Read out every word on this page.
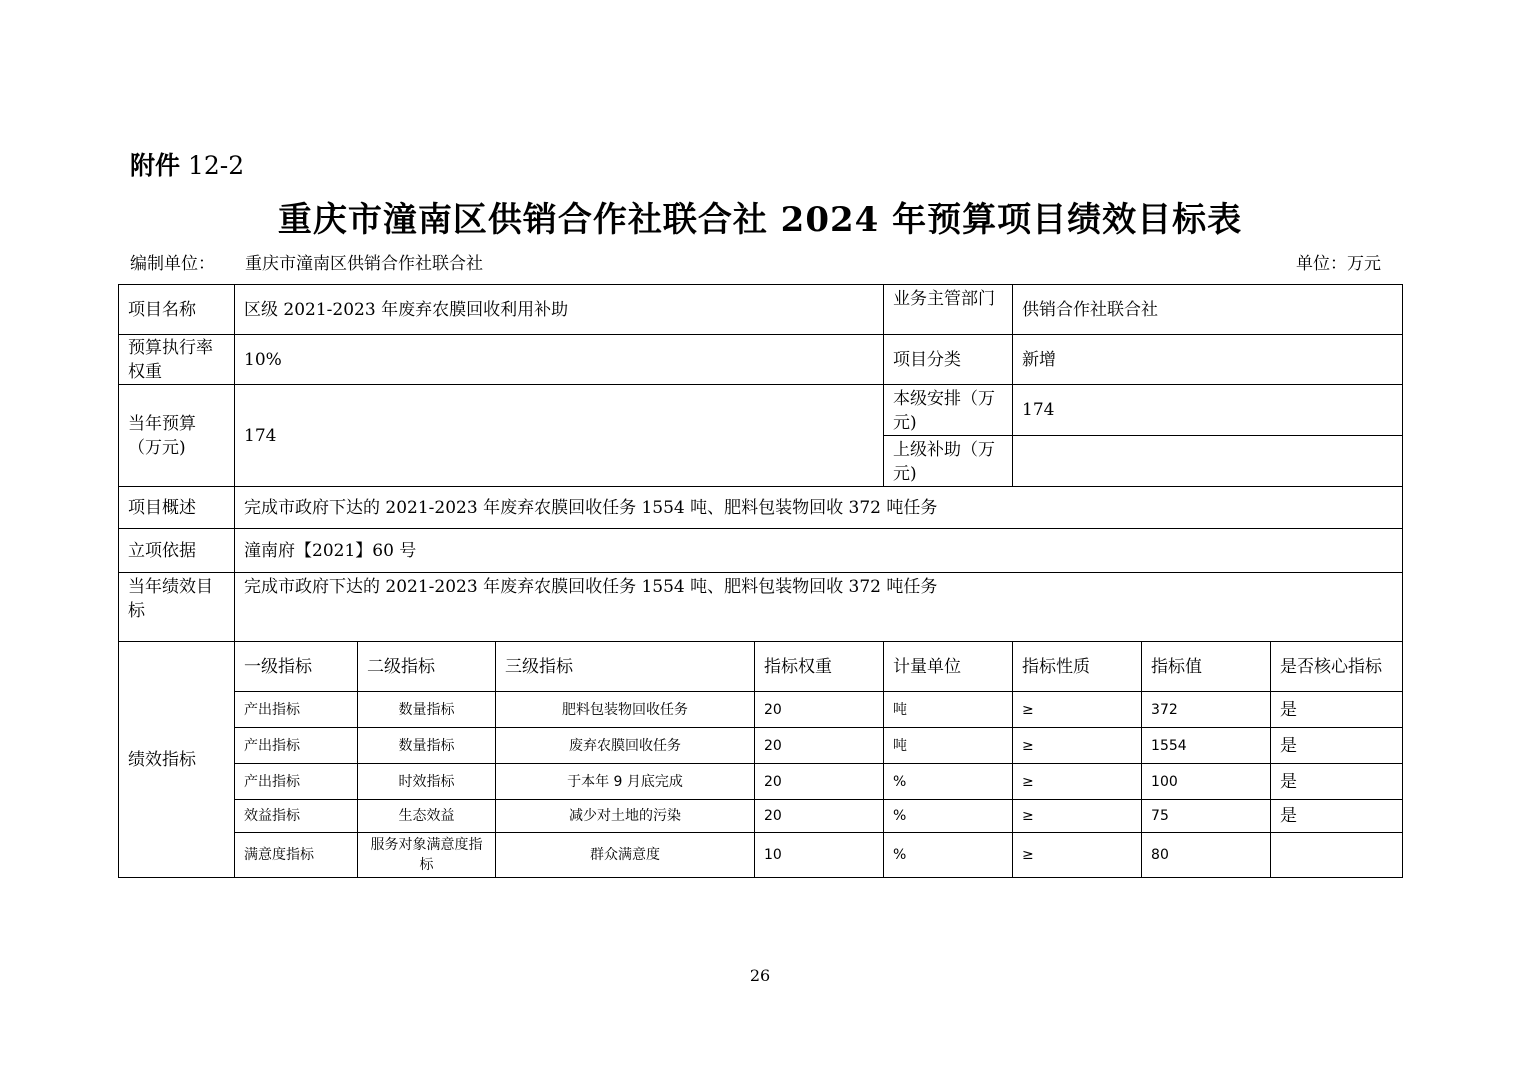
附件 12-2
重庆市潼南区供销合作社联合社 2024 年预算项目绩效目标表
编制单位： 重庆市潼南区供销合作社联合社	单位：万元
项目名称	区级 2021-2023 年废弃农膜回收利用补助				业务主管部门	供销合作社联合社		
预算执行率权重	10%				项目分类	新增		
当年预算（万元)	174				本级安排（万元)	174		
					上级补助（万元)			
项目概述	完成市政府下达的 2021-2023 年废弃农膜回收任务 1554 吨、肥料包装物回收 372 吨任务							
立项依据	潼南府【2021】60 号							
当年绩效目标	完成市政府下达的 2021-2023 年废弃农膜回收任务 1554 吨、肥料包装物回收 372 吨任务							
绩效指标	一级指标	二级指标	三级指标	指标权重	计量单位	指标性质	指标值	是否核心指标
	产出指标	数量指标	肥料包装物回收任务	20	吨	≥	372	是
	产出指标	数量指标	废弃农膜回收任务	20	吨	≥	1554	是
	产出指标	时效指标	于本年 9 月底完成	20	%	≥	100	是
	效益指标	生态效益	减少对土地的污染	20	%	≥	75	是
	满意度指标	服务对象满意度指标	群众满意度	10	%	≥	80	
26
